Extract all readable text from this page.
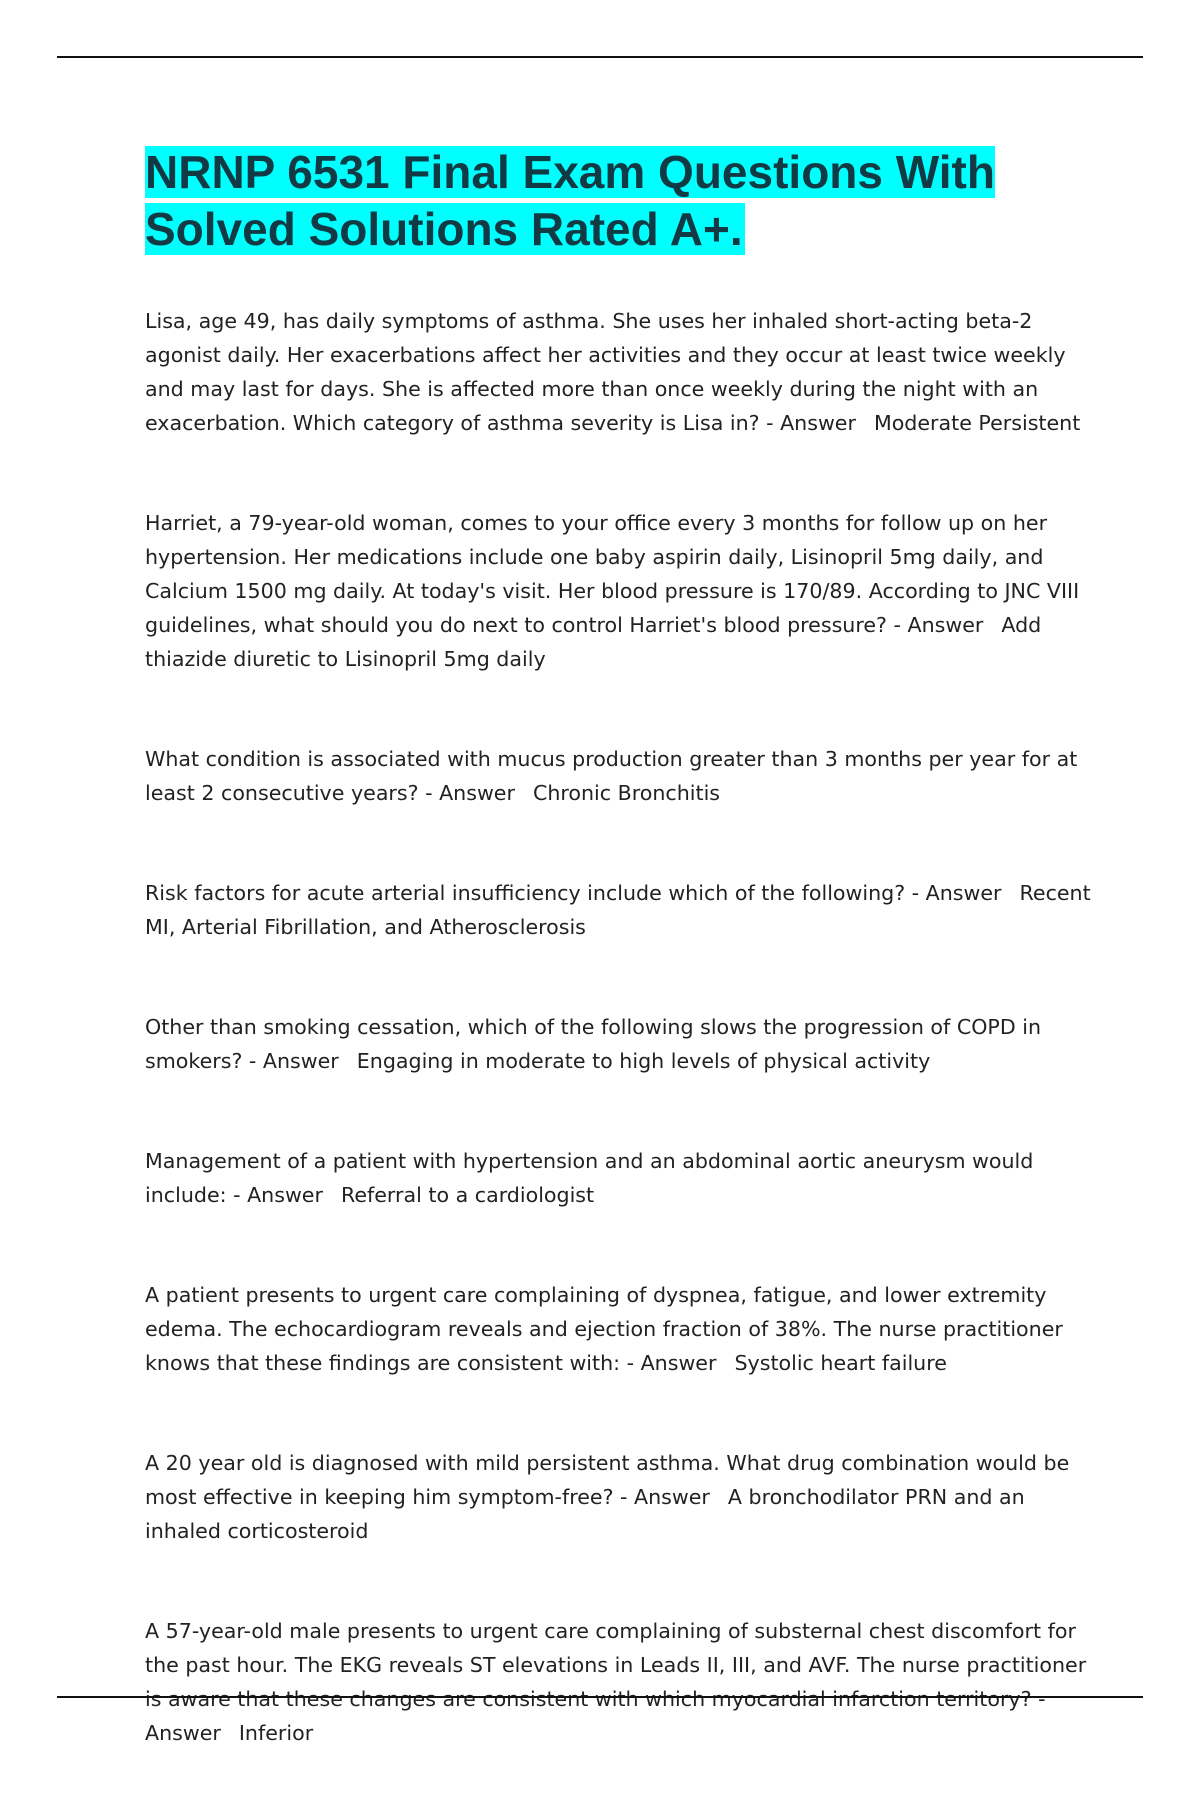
NRNP 6531 Final Exam Questions With Solved Solutions Rated A+.

Lisa, age 49, has daily symptoms of asthma. She uses her inhaled short-acting beta-2 agonist daily. Her exacerbations affect her activities and they occur at least twice weekly and may last for days. She is affected more than once weekly during the night with an exacerbation. Which category of asthma severity is Lisa in? - Answer Moderate Persistent

Harriet, a 79-year-old woman, comes to your office every 3 months for follow up on her hypertension. Her medications include one baby aspirin daily, Lisinopril 5mg daily, and Calcium 1500 mg daily. At today's visit. Her blood pressure is 170/89. According to JNC VIII guidelines, what should you do next to control Harriet's blood pressure? - Answer Add thiazide diuretic to Lisinopril 5mg daily

What condition is associated with mucus production greater than 3 months per year for at least 2 consecutive years? - Answer Chronic Bronchitis

Risk factors for acute arterial insufficiency include which of the following? - Answer Recent MI, Arterial Fibrillation, and Atherosclerosis

Other than smoking cessation, which of the following slows the progression of COPD in smokers? - Answer Engaging in moderate to high levels of physical activity

Management of a patient with hypertension and an abdominal aortic aneurysm would include: - Answer Referral to a cardiologist

A patient presents to urgent care complaining of dyspnea, fatigue, and lower extremity edema. The echocardiogram reveals and ejection fraction of 38%. The nurse practitioner knows that these findings are consistent with: - Answer Systolic heart failure

A 20 year old is diagnosed with mild persistent asthma. What drug combination would be most effective in keeping him symptom-free? - Answer A bronchodilator PRN and an inhaled corticosteroid

A 57-year-old male presents to urgent care complaining of substernal chest discomfort for the past hour. The EKG reveals ST elevations in Leads II, III, and AVF. The nurse practitioner is aware that these changes are consistent with which myocardial infarction territory? - Answer Inferior
